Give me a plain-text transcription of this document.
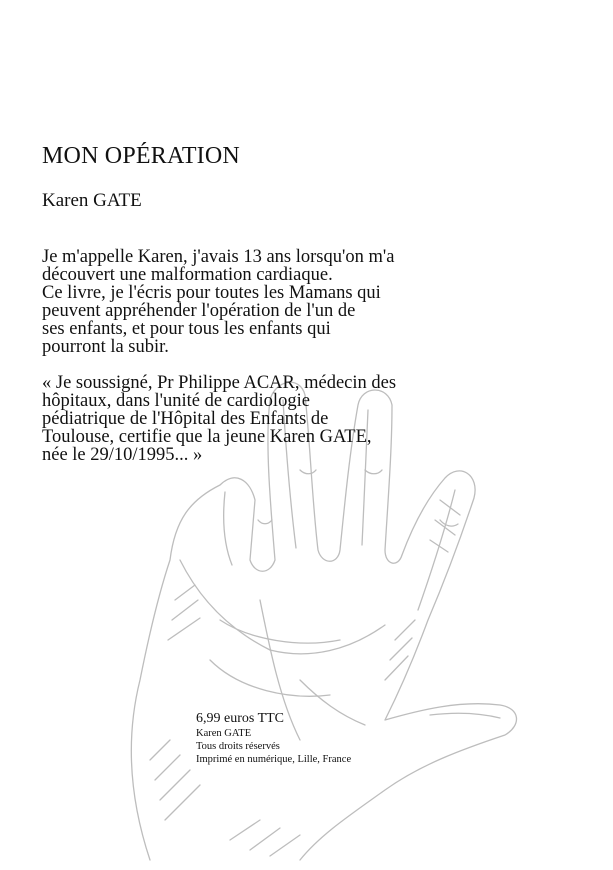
MON OPÉRATION
Karen GATE
Je m'appelle Karen, j'avais 13 ans lorsqu'on m'a
découvert une malformation cardiaque.
Ce livre, je l'écris pour toutes les Mamans qui
peuvent appréhender l'opération de l'un de
ses enfants, et pour tous les enfants qui
pourront la subir.
« Je soussigné, Pr Philippe ACAR, médecin des
hôpitaux, dans l'unité de cardiologie
pédiatrique de l'Hôpital des Enfants de
Toulouse, certifie que la jeune Karen GATE,
née le 29/10/1995... »
6,99 euros TTC
Karen GATE
Tous droits réservés
Imprimé en numérique, Lille, France
